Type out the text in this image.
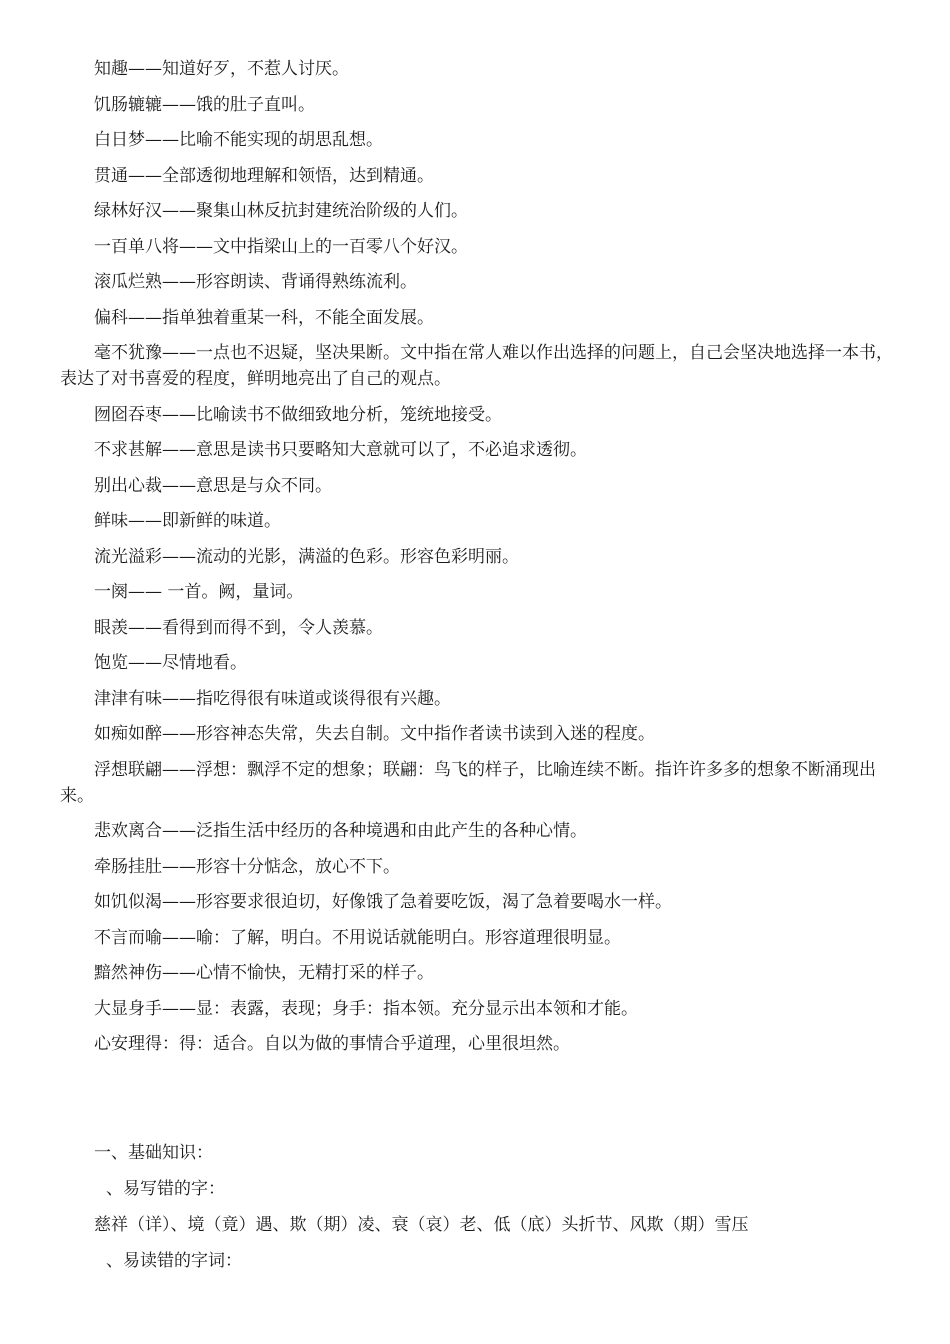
知趣——知道好歹，不惹人讨厌。

饥肠辘辘——饿的肚子直叫。

白日梦——比喻不能实现的胡思乱想。

贯通——全部透彻地理解和领悟，达到精通。

绿林好汉——聚集山林反抗封建统治阶级的人们。

一百单八将——文中指梁山上的一百零八个好汉。

滚瓜烂熟——形容朗读、背诵得熟练流利。

偏科——指单独着重某一科，不能全面发展。

毫不犹豫——一点也不迟疑，坚决果断。文中指在常人难以作出选择的问题上，自己会坚决地选择一本书，表达了对书喜爱的程度，鲜明地亮出了自己的观点。

囫囵吞枣——比喻读书不做细致地分析，笼统地接受。

不求甚解——意思是读书只要略知大意就可以了，不必追求透彻。

别出心裁——意思是与众不同。

鲜味——即新鲜的味道。

流光溢彩——流动的光影，满溢的色彩。形容色彩明丽。

一阕—— 一首。阙，量词。

眼羡——看得到而得不到，令人羡慕。

饱览——尽情地看。

津津有味——指吃得很有味道或谈得很有兴趣。

如痴如醉——形容神态失常，失去自制。文中指作者读书读到入迷的程度。

浮想联翩——浮想：飘浮不定的想象；联翩：鸟飞的样子，比喻连续不断。指许许多多的想象不断涌现出来。

悲欢离合——泛指生活中经历的各种境遇和由此产生的各种心情。

牵肠挂肚——形容十分惦念，放心不下。

如饥似渴——形容要求很迫切，好像饿了急着要吃饭，渴了急着要喝水一样。

不言而喻——喻：了解，明白。不用说话就能明白。形容道理很明显。

黯然神伤——心情不愉快，无精打采的样子。

大显身手——显：表露，表现；身手：指本领。充分显示出本领和才能。

心安理得：得：适合。自以为做的事情合乎道理，心里很坦然。

一、基础知识：

、易写错的字：

慈祥（详）、境（竟）遇、欺（期）凌、衰（哀）老、低（底）头折节、风欺（期）雪压

、易读错的字词：
